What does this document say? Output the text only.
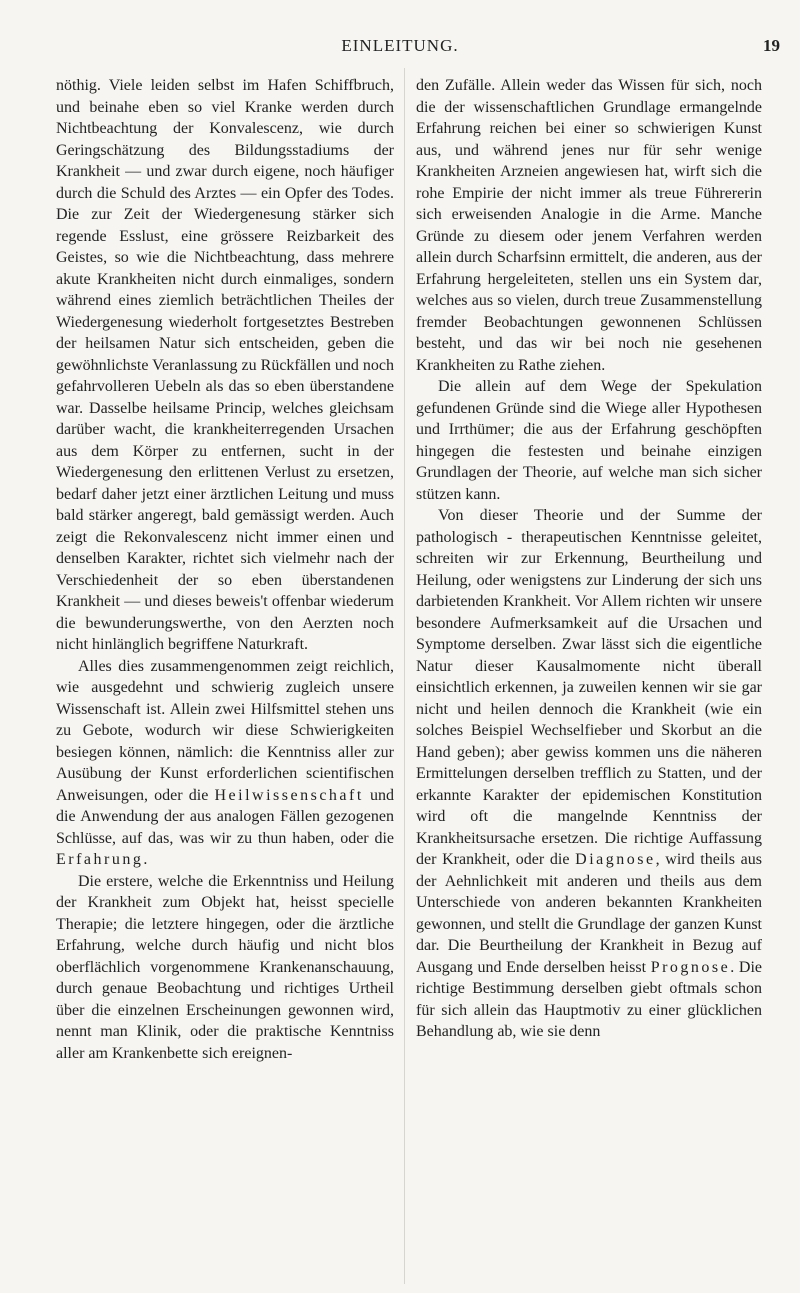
EINLEITUNG.	19

nöthig. Viele leiden selbst im Hafen Schiffbruch, und beinahe eben so viel Kranke werden durch Nichtbeachtung der Konvalescenz, wie durch Geringschätzung des Bildungsstadiums der Krankheit — und zwar durch eigene, noch häufiger durch die Schuld des Arztes — ein Opfer des Todes. Die zur Zeit der Wiedergenesung stärker sich regende Esslust, eine grössere Reizbarkeit des Geistes, so wie die Nichtbeachtung, dass mehrere akute Krankheiten nicht durch einmaliges, sondern während eines ziemlich beträchtlichen Theiles der Wiedergenesung wiederholt fortgesetztes Bestreben der heilsamen Natur sich entscheiden, geben die gewöhnlichste Veranlassung zu Rückfällen und noch gefahrvolleren Uebeln als das so eben überstandene war. Dasselbe heilsame Princip, welches gleichsam darüber wacht, die krankheiterregenden Ursachen aus dem Körper zu entfernen, sucht in der Wiedergenesung den erlittenen Verlust zu ersetzen, bedarf daher jetzt einer ärztlichen Leitung und muss bald stärker angeregt, bald gemässigt werden. Auch zeigt die Rekonvalescenz nicht immer einen und denselben Karakter, richtet sich vielmehr nach der Verschiedenheit der so eben überstandenen Krankheit — und dieses beweis't offenbar wiederum die bewunderungswerthe, von den Aerzten noch nicht hinlänglich begriffene Naturkraft.

Alles dies zusammengenommen zeigt reichlich, wie ausgedehnt und schwierig zugleich unsere Wissenschaft ist. Allein zwei Hilfsmittel stehen uns zu Gebote, wodurch wir diese Schwierigkeiten besiegen können, nämlich: die Kenntniss aller zur Ausübung der Kunst erforderlichen scientifischen Anweisungen, oder die Heilwissenschaft und die Anwendung der aus analogen Fällen gezogenen Schlüsse, auf das, was wir zu thun haben, oder die Erfahrung.

Die erstere, welche die Erkenntniss und Heilung der Krankheit zum Objekt hat, heisst specielle Therapie; die letztere hingegen, oder die ärztliche Erfahrung, welche durch häufig und nicht blos oberflächlich vorgenommene Krankenanschauung, durch genaue Beobachtung und richtiges Urtheil über die einzelnen Erscheinungen gewonnen wird, nennt man Klinik, oder die praktische Kenntniss aller am Krankenbette sich ereignen-

den Zufälle. Allein weder das Wissen für sich, noch die der wissenschaftlichen Grundlage ermangelnde Erfahrung reichen bei einer so schwierigen Kunst aus, und während jenes nur für sehr wenige Krankheiten Arzneien angewiesen hat, wirft sich die rohe Empirie der nicht immer als treue Führererin sich erweisenden Analogie in die Arme. Manche Gründe zu diesem oder jenem Verfahren werden allein durch Scharfsinn ermittelt, die anderen, aus der Erfahrung hergeleiteten, stellen uns ein System dar, welches aus so vielen, durch treue Zusammenstellung fremder Beobachtungen gewonnenen Schlüssen besteht, und das wir bei noch nie gesehenen Krankheiten zu Rathe ziehen.

Die allein auf dem Wege der Spekulation gefundenen Gründe sind die Wiege aller Hypothesen und Irrthümer; die aus der Erfahrung geschöpften hingegen die festesten und beinahe einzigen Grundlagen der Theorie, auf welche man sich sicher stützen kann.

Von dieser Theorie und der Summe der pathologisch - therapeutischen Kenntnisse geleitet, schreiten wir zur Erkennung, Beurtheilung und Heilung, oder wenigstens zur Linderung der sich uns darbietenden Krankheit. Vor Allem richten wir unsere besondere Aufmerksamkeit auf die Ursachen und Symptome derselben. Zwar lässt sich die eigentliche Natur dieser Kausalmomente nicht überall einsichtlich erkennen, ja zuweilen kennen wir sie gar nicht und heilen dennoch die Krankheit (wie ein solches Beispiel Wechselfieber und Skorbut an die Hand geben); aber gewiss kommen uns die näheren Ermittelungen derselben trefflich zu Statten, und der erkannte Karakter der epidemischen Konstitution wird oft die mangelnde Kenntniss der Krankheitsursache ersetzen. Die richtige Auffassung der Krankheit, oder die Diagnose, wird theils aus der Aehnlichkeit mit anderen und theils aus dem Unterschiede von anderen bekannten Krankheiten gewonnen, und stellt die Grundlage der ganzen Kunst dar. Die Beurtheilung der Krankheit in Bezug auf Ausgang und Ende derselben heisst Prognose. Die richtige Bestimmung derselben giebt oftmals schon für sich allein das Hauptmotiv zu einer glücklichen Behandlung ab, wie sie denn
